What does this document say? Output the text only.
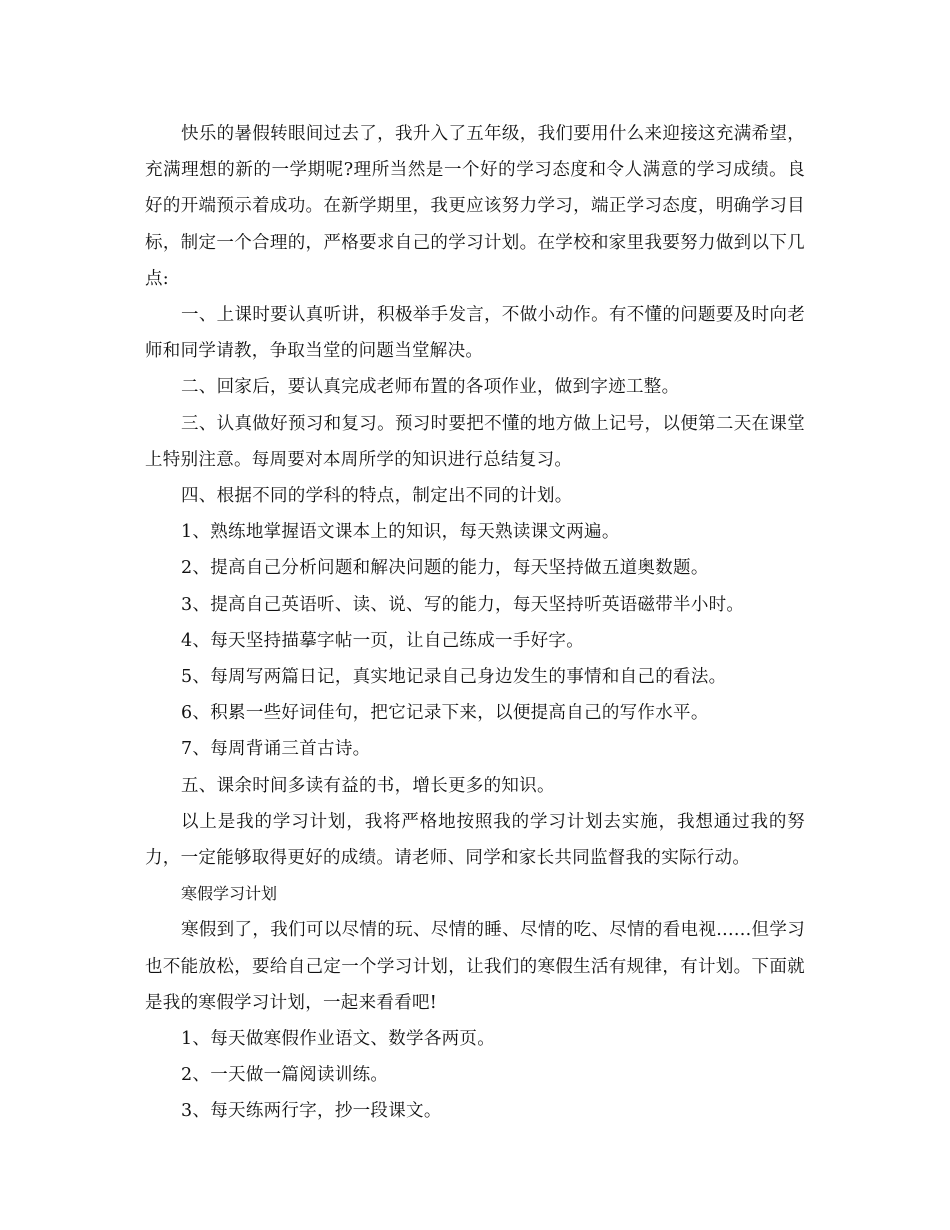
快乐的暑假转眼间过去了，我升入了五年级，我们要用什么来迎接这充满希望，充满理想的新的一学期呢?理所当然是一个好的学习态度和令人满意的学习成绩。良好的开端预示着成功。在新学期里，我更应该努力学习，端正学习态度，明确学习目标，制定一个合理的，严格要求自己的学习计划。在学校和家里我要努力做到以下几点:

一、上课时要认真听讲，积极举手发言，不做小动作。有不懂的问题要及时向老师和同学请教，争取当堂的问题当堂解决。

二、回家后，要认真完成老师布置的各项作业，做到字迹工整。

三、认真做好预习和复习。预习时要把不懂的地方做上记号，以便第二天在课堂上特别注意。每周要对本周所学的知识进行总结复习。

四、根据不同的学科的特点，制定出不同的计划。

1、熟练地掌握语文课本上的知识，每天熟读课文两遍。

2、提高自己分析问题和解决问题的能力，每天坚持做五道奥数题。

3、提高自己英语听、读、说、写的能力，每天坚持听英语磁带半小时。

4、每天坚持描摹字帖一页，让自己练成一手好字。

5、每周写两篇日记，真实地记录自己身边发生的事情和自己的看法。

6、积累一些好词佳句，把它记录下来，以便提高自己的写作水平。

7、每周背诵三首古诗。

五、课余时间多读有益的书，增长更多的知识。

以上是我的学习计划，我将严格地按照我的学习计划去实施，我想通过我的努力，一定能够取得更好的成绩。请老师、同学和家长共同监督我的实际行动。

寒假学习计划

寒假到了，我们可以尽情的玩、尽情的睡、尽情的吃、尽情的看电视......但学习也不能放松，要给自己定一个学习计划，让我们的寒假生活有规律，有计划。下面就是我的寒假学习计划，一起来看看吧!

1、每天做寒假作业语文、数学各两页。

2、一天做一篇阅读训练。

3、每天练两行字，抄一段课文。
